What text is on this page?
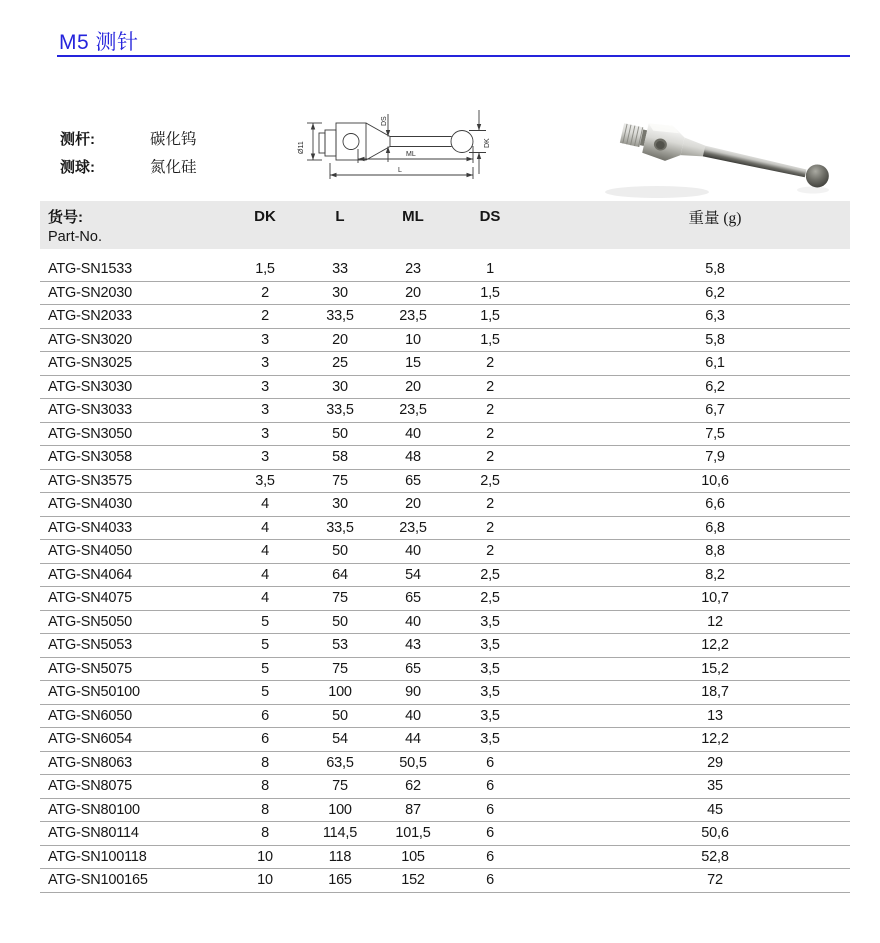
M5 测针
测杆:	碳化钨
测球:	氮化硅
Ø11
DS
DK
ML
L
货号:	DK	L	ML	DS	重量 (g)
Part-No.
ATG-SN1533	1,5	33	23	1	5,8
ATG-SN2030	2	30	20	1,5	6,2
ATG-SN2033	2	33,5	23,5	1,5	6,3
ATG-SN3020	3	20	10	1,5	5,8
ATG-SN3025	3	25	15	2	6,1
ATG-SN3030	3	30	20	2	6,2
ATG-SN3033	3	33,5	23,5	2	6,7
ATG-SN3050	3	50	40	2	7,5
ATG-SN3058	3	58	48	2	7,9
ATG-SN3575	3,5	75	65	2,5	10,6
ATG-SN4030	4	30	20	2	6,6
ATG-SN4033	4	33,5	23,5	2	6,8
ATG-SN4050	4	50	40	2	8,8
ATG-SN4064	4	64	54	2,5	8,2
ATG-SN4075	4	75	65	2,5	10,7
ATG-SN5050	5	50	40	3,5	12
ATG-SN5053	5	53	43	3,5	12,2
ATG-SN5075	5	75	65	3,5	15,2
ATG-SN50100	5	100	90	3,5	18,7
ATG-SN6050	6	50	40	3,5	13
ATG-SN6054	6	54	44	3,5	12,2
ATG-SN8063	8	63,5	50,5	6	29
ATG-SN8075	8	75	62	6	35
ATG-SN80100	8	100	87	6	45
ATG-SN80114	8	114,5	101,5	6	50,6
ATG-SN100118	10	118	105	6	52,8
ATG-SN100165	10	165	152	6	72
